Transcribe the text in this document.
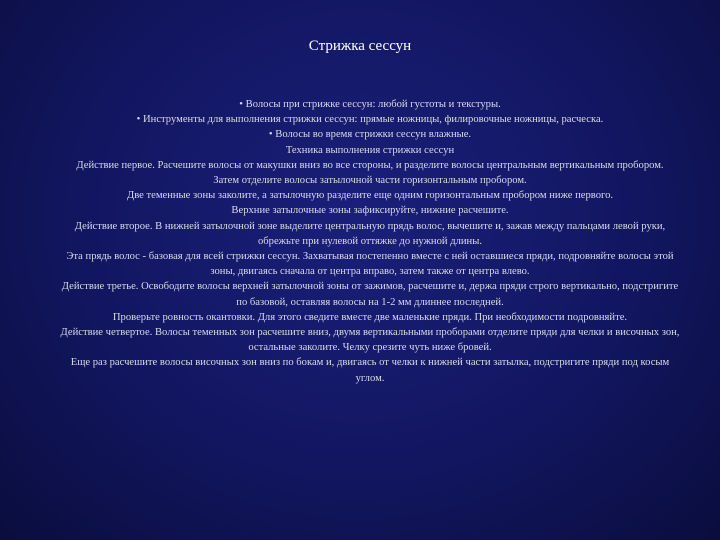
Стрижка сессун

• Волосы при стрижке сессун: любой густоты и текстуры.

• Инструменты для выполнения стрижки сессун: прямые ножницы, филировочные ножницы, расческа.

• Волосы во время стрижки сессун влажные.

Техника выполнения стрижки сессун

Действие первое. Расчешите волосы от макушки вниз во все стороны, и разделите волосы центральным вертикальным пробором.

Затем отделите волосы затылочной части горизонтальным пробором.

Две теменные зоны заколите, а затылочную разделите еще одним горизонтальным пробором ниже первого.

Верхние затылочные зоны зафиксируйте, нижние расчешите.

Действие второе. В нижней затылочной зоне выделите центральную прядь волос, вычешите и, зажав между пальцами левой руки, обрежьте при нулевой оттяжке до нужной длины.

Эта прядь волос - базовая для всей стрижки сессун. Захватывая постепенно вместе с ней оставшиеся пряди, подровняйте волосы этой зоны, двигаясь сначала от центра вправо, затем также от центра влево.

Действие третье. Освободите волосы верхней затылочной зоны от зажимов, расчешите и, держа пряди строго вертикально, подстригите по базовой, оставляя волосы на 1-2 мм длиннее последней.

Проверьте ровность окантовки. Для этого сведите вместе две маленькие пряди. При необходимости подровняйте.

Действие четвертое. Волосы теменных зон расчешите вниз, двумя вертикальными проборами отделите пряди для челки и височных зон, остальные заколите. Челку срезите чуть ниже бровей.

Еще раз расчешите волосы височных зон вниз по бокам и, двигаясь от челки к нижней части затылка, подстригите пряди под косым углом.
